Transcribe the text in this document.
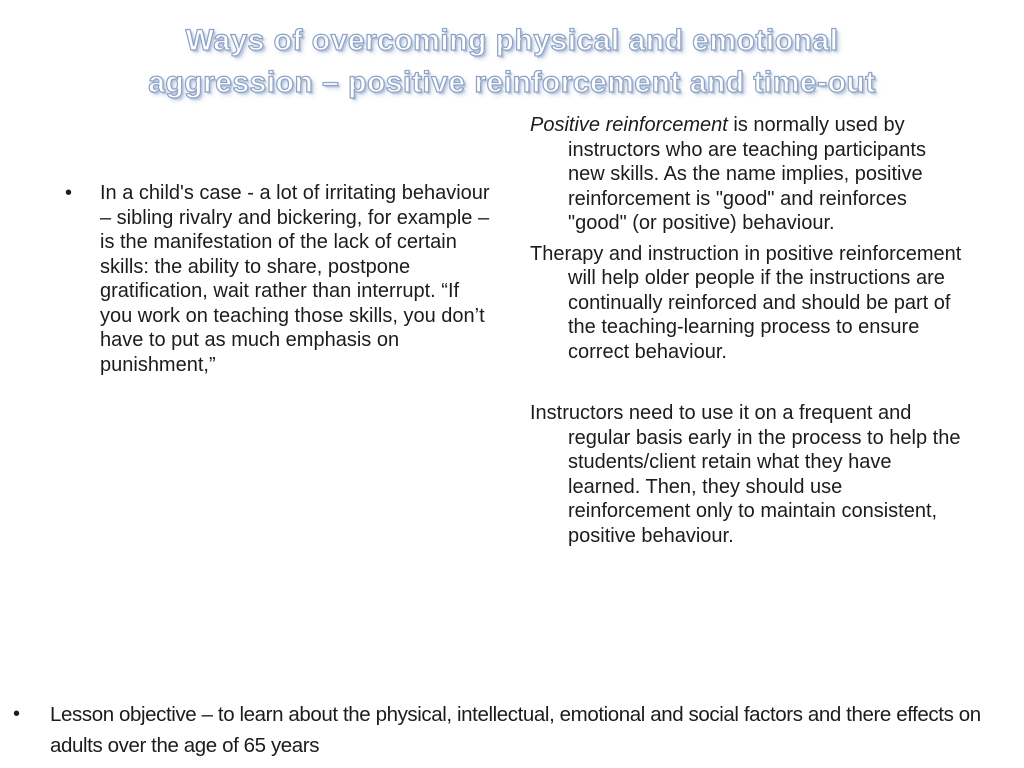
Ways of overcoming physical and emotional
aggression – positive reinforcement and time-out
•	In a child's case - a lot of irritating behaviour – sibling rivalry and bickering, for example – is the manifestation of the lack of certain skills: the ability to share, postpone gratification, wait rather than interrupt. “If you work on teaching those skills, you don’t have to put as much emphasis on punishment,”

Positive reinforcement is normally used by instructors who are teaching participants new skills. As the name implies, positive reinforcement is "good" and reinforces "good" (or positive) behaviour.

Therapy and instruction in positive reinforcement will help older people if the instructions are continually reinforced and should be part of the teaching-learning process to ensure correct behaviour.

Instructors need to use it on a frequent and regular basis early in the process to help the students/client retain what they have learned. Then, they should use reinforcement only to maintain consistent, positive behaviour.

•	Lesson objective – to learn about the physical, intellectual, emotional and social factors and there effects on adults over the age of 65 years
